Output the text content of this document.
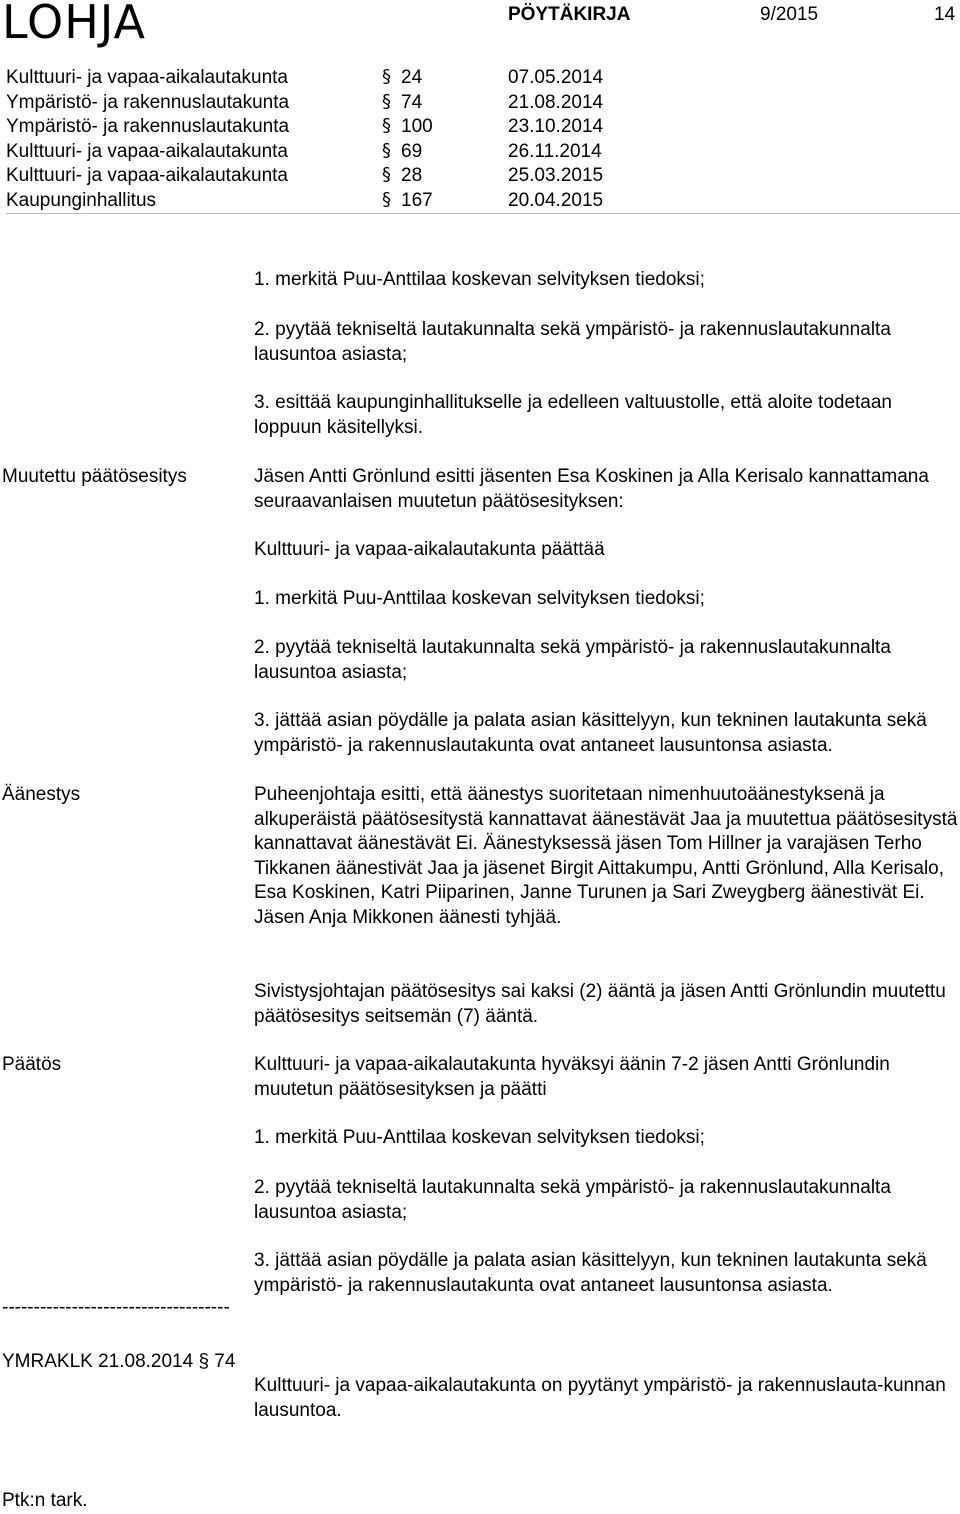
LOHJA	PÖYTÄKIRJA	9/2015	14
Kulttuuri- ja vapaa-aikalautakunta	§ 24	07.05.2014
Ympäristö- ja rakennuslautakunta	§ 74	21.08.2014
Ympäristö- ja rakennuslautakunta	§ 100	23.10.2014
Kulttuuri- ja vapaa-aikalautakunta	§ 69	26.11.2014
Kulttuuri- ja vapaa-aikalautakunta	§ 28	25.03.2015
Kaupunginhallitus	§ 167	20.04.2015

1. merkitä Puu-Anttilaa koskevan selvityksen tiedoksi;

2. pyytää tekniseltä lautakunnalta sekä ympäristö- ja rakennuslautakunnalta lausuntoa asiasta;

3. esittää kaupunginhallitukselle ja edelleen valtuustolle, että aloite todetaan loppuun käsitellyksi.

Muutettu päätösesitys	Jäsen Antti Grönlund esitti jäsenten Esa Koskinen ja Alla Kerisalo kannattamana seuraavanlaisen muutetun päätösesityksen:

Kulttuuri- ja vapaa-aikalautakunta päättää

1. merkitä Puu-Anttilaa koskevan selvityksen tiedoksi;

2. pyytää tekniseltä lautakunnalta sekä ympäristö- ja rakennuslautakunnalta lausuntoa asiasta;

3. jättää asian pöydälle ja palata asian käsittelyyn, kun tekninen lautakunta sekä ympäristö- ja rakennuslautakunta ovat antaneet lausuntonsa asiasta.

Äänestys	Puheenjohtaja esitti, että äänestys suoritetaan nimenhuutoäänestyksenä ja alkuperäistä päätösesitystä kannattavat äänestävät Jaa ja muutettua päätösesitystä kannattavat äänestävät Ei. Äänestyksessä jäsen Tom Hillner ja varajäsen Terho Tikkanen äänestivät Jaa ja jäsenet Birgit Aittakumpu, Antti Grönlund, Alla Kerisalo, Esa Koskinen, Katri Piiparinen, Janne Turunen ja Sari Zweygberg äänestivät Ei. Jäsen Anja Mikkonen äänesti tyhjää.

Sivistysjohtajan päätösesitys sai kaksi (2) ääntä ja jäsen Antti Grönlundin muutettu päätösesitys seitsemän (7) ääntä.

Päätös	Kulttuuri- ja vapaa-aikalautakunta hyväksyi äänin 7-2 jäsen Antti Grönlundin muutetun päätösesityksen ja päätti

1. merkitä Puu-Anttilaa koskevan selvityksen tiedoksi;

2. pyytää tekniseltä lautakunnalta sekä ympäristö- ja rakennuslautakunnalta lausuntoa asiasta;

3. jättää asian pöydälle ja palata asian käsittelyyn, kun tekninen lautakunta sekä ympäristö- ja rakennuslautakunta ovat antaneet lausuntonsa asiasta.

------------------------------------
YMRAKLK 21.08.2014 § 74

Kulttuuri- ja vapaa-aikalautakunta on pyytänyt ympäristö- ja rakennuslauta-kunnan lausuntoa.

Ptk:n tark.
